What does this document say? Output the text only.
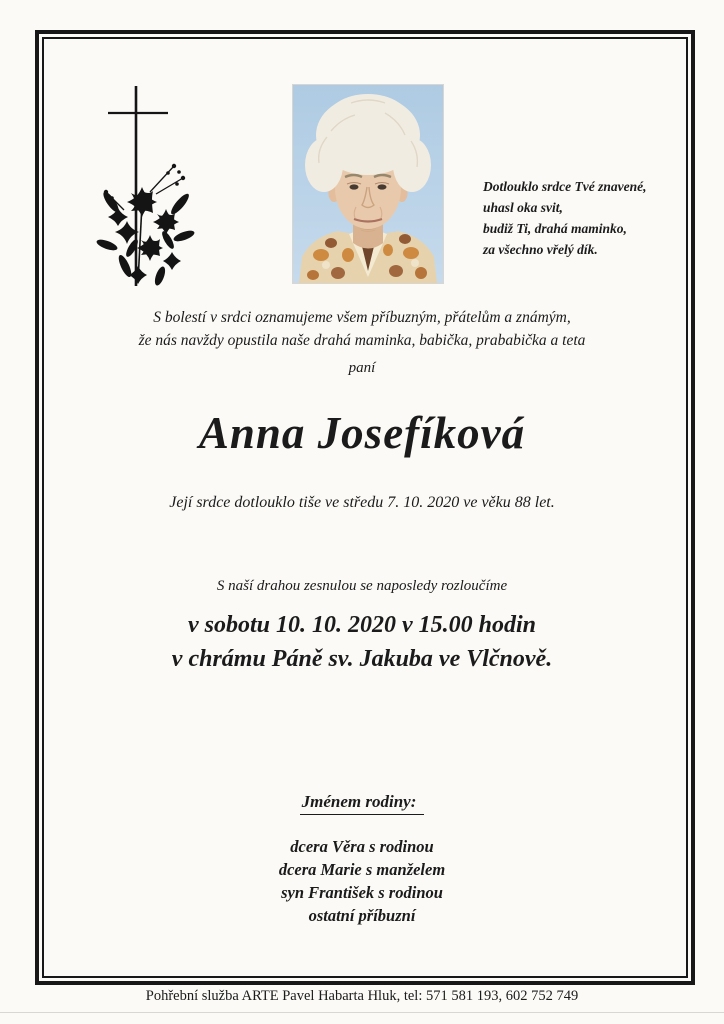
Dotlouklo srdce Tvé znavené,
uhasl oka svit,
budiž Ti, drahá maminko,
za všechno vřelý dík.
S bolestí v srdci oznamujeme všem příbuzným, přátelům a známým,
že nás navždy opustila naše drahá maminka, babička, prababička a teta
paní
Anna Josefíková
Její srdce dotlouklo tiše ve středu 7. 10. 2020 ve věku 88 let.
S naší drahou zesnulou se naposledy rozloučíme
v sobotu 10. 10. 2020 v 15.00 hodin
v chrámu Páně sv. Jakuba ve Vlčnově.
Jménem rodiny:
dcera Věra s rodinou
dcera Marie s manželem
syn František s rodinou
ostatní příbuzní
Pohřební služba ARTE Pavel Habarta Hluk, tel: 571 581 193, 602 752 749
